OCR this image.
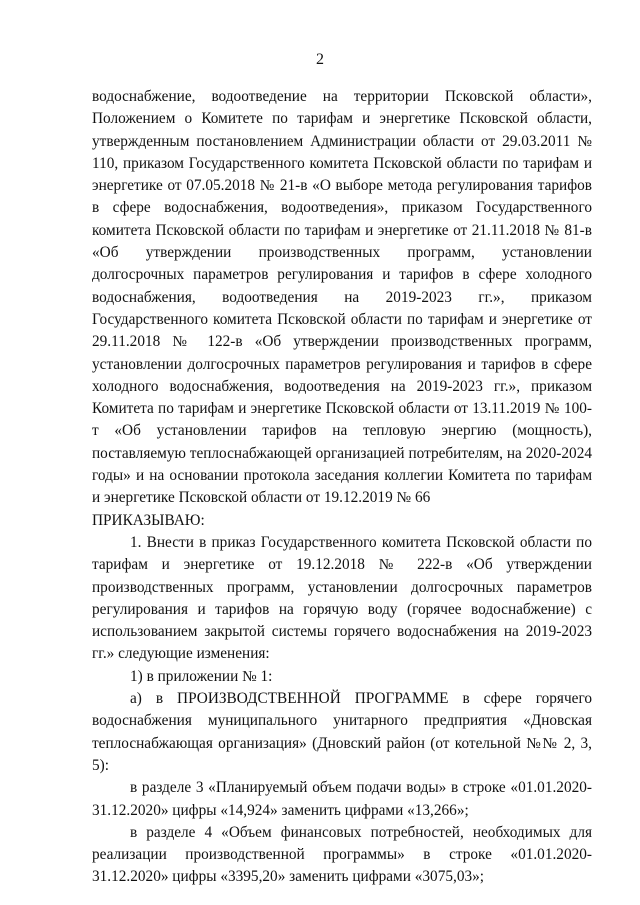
2

водоснабжение, водоотведение на территории Псковской области», Положением о Комитете по тарифам и энергетике Псковской области, утвержденным постановлением Администрации области от 29.03.2011 № 110, приказом Государственного комитета Псковской области по тарифам и энергетике от 07.05.2018 № 21-в «О выборе метода регулирования тарифов в сфере водоснабжения, водоотведения», приказом Государственного комитета Псковской области по тарифам и энергетике от 21.11.2018 № 81-в «Об утверждении производственных программ, установлении долгосрочных параметров регулирования и тарифов в сфере холодного водоснабжения, водоотведения на 2019-2023 гг.», приказом Государственного комитета Псковской области по тарифам и энергетике от 29.11.2018 № 122-в «Об утверждении производственных программ, установлении долгосрочных параметров регулирования и тарифов в сфере холодного водоснабжения, водоотведения на 2019-2023 гг.», приказом Комитета по тарифам и энергетике Псковской области от 13.11.2019 № 100-т «Об установлении тарифов на тепловую энергию (мощность), поставляемую теплоснабжающей организацией потребителям, на 2020-2024 годы» и на основании протокола заседания коллегии Комитета по тарифам и энергетике Псковской области от 19.12.2019 № 66

ПРИКАЗЫВАЮ:

1. Внести в приказ Государственного комитета Псковской области по тарифам и энергетике от 19.12.2018 № 222-в «Об утверждении производственных программ, установлении долгосрочных параметров регулирования и тарифов на горячую воду (горячее водоснабжение) с использованием закрытой системы горячего водоснабжения на 2019-2023 гг.» следующие изменения:

1) в приложении № 1:

а) в ПРОИЗВОДСТВЕННОЙ ПРОГРАММЕ в сфере горячего водоснабжения муниципального унитарного предприятия «Дновская теплоснабжающая организация» (Дновский район (от котельной №№ 2, 3, 5):

в разделе 3 «Планируемый объем подачи воды» в строке «01.01.2020-31.12.2020» цифры «14,924» заменить цифрами «13,266»;

в разделе 4 «Объем финансовых потребностей, необходимых для реализации производственной программы» в строке «01.01.2020-31.12.2020» цифры «3395,20» заменить цифрами «3075,03»;
